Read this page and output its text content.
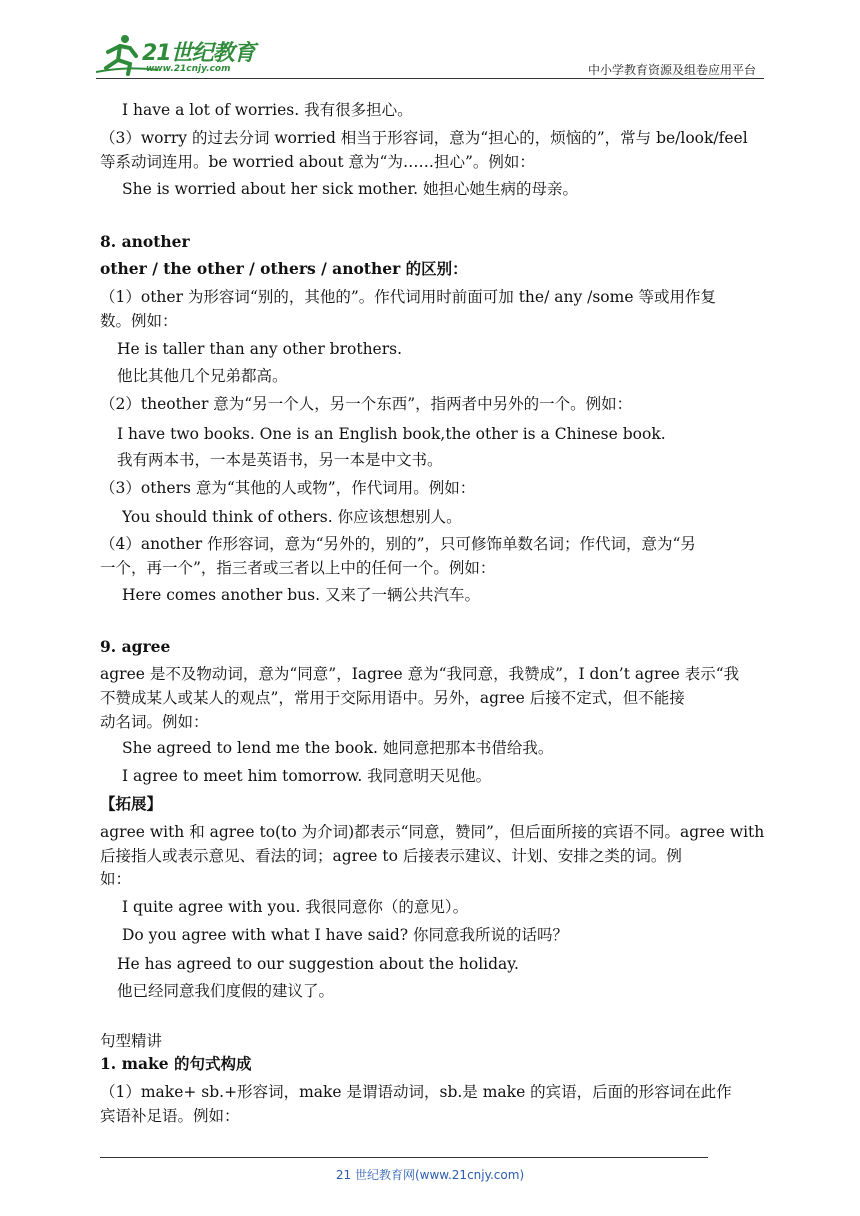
21世纪教育
www.21cnjy.com	中小学教育资源及组卷应用平台
I have a lot of worries. 我有很多担心。
（3）worry 的过去分词 worried 相当于形容词，意为“担心的，烦恼的”，常与 be/look/feel
等系动词连用。be worried about 意为“为……担心”。例如：
She is worried about her sick mother. 她担心她生病的母亲。
8. another
other / the other / others / another 的区别：
（1）other 为形容词“别的，其他的”。作代词用时前面可加 the/ any /some 等或用作复
数。例如：
He is taller than any other brothers.
他比其他几个兄弟都高。
（2）theother 意为“另一个人，另一个东西”，指两者中另外的一个。例如：
I have two books. One is an English book,the other is a Chinese book.
我有两本书，一本是英语书，另一本是中文书。
（3）others 意为“其他的人或物”，作代词用。例如：
You should think of others. 你应该想想别人。
（4）another 作形容词，意为“另外的，别的”，只可修饰单数名词；作代词，意为“另
一个，再一个”，指三者或三者以上中的任何一个。例如：
Here comes another bus. 又来了一辆公共汽车。
9. agree
agree 是不及物动词，意为“同意”，Iagree 意为“我同意，我赞成”，I don’t agree 表示“我
不赞成某人或某人的观点”，常用于交际用语中。另外，agree 后接不定式，但不能接
动名词。例如：
She agreed to lend me the book. 她同意把那本书借给我。
I agree to meet him tomorrow. 我同意明天见他。
【拓展】
agree with 和 agree to(to 为介词)都表示“同意，赞同”，但后面所接的宾语不同。agree with
后接指人或表示意见、看法的词；agree to 后接表示建议、计划、安排之类的词。例
如：
I quite agree with you. 我很同意你（的意见）。
Do you agree with what I have said? 你同意我所说的话吗？
He has agreed to our suggestion about the holiday.
他已经同意我们度假的建议了。
句型精讲
1. make 的句式构成
（1）make+ sb.+形容词，make 是谓语动词，sb.是 make 的宾语，后面的形容词在此作
宾语补足语。例如：
21 世纪教育网(www.21cnjy.com)
